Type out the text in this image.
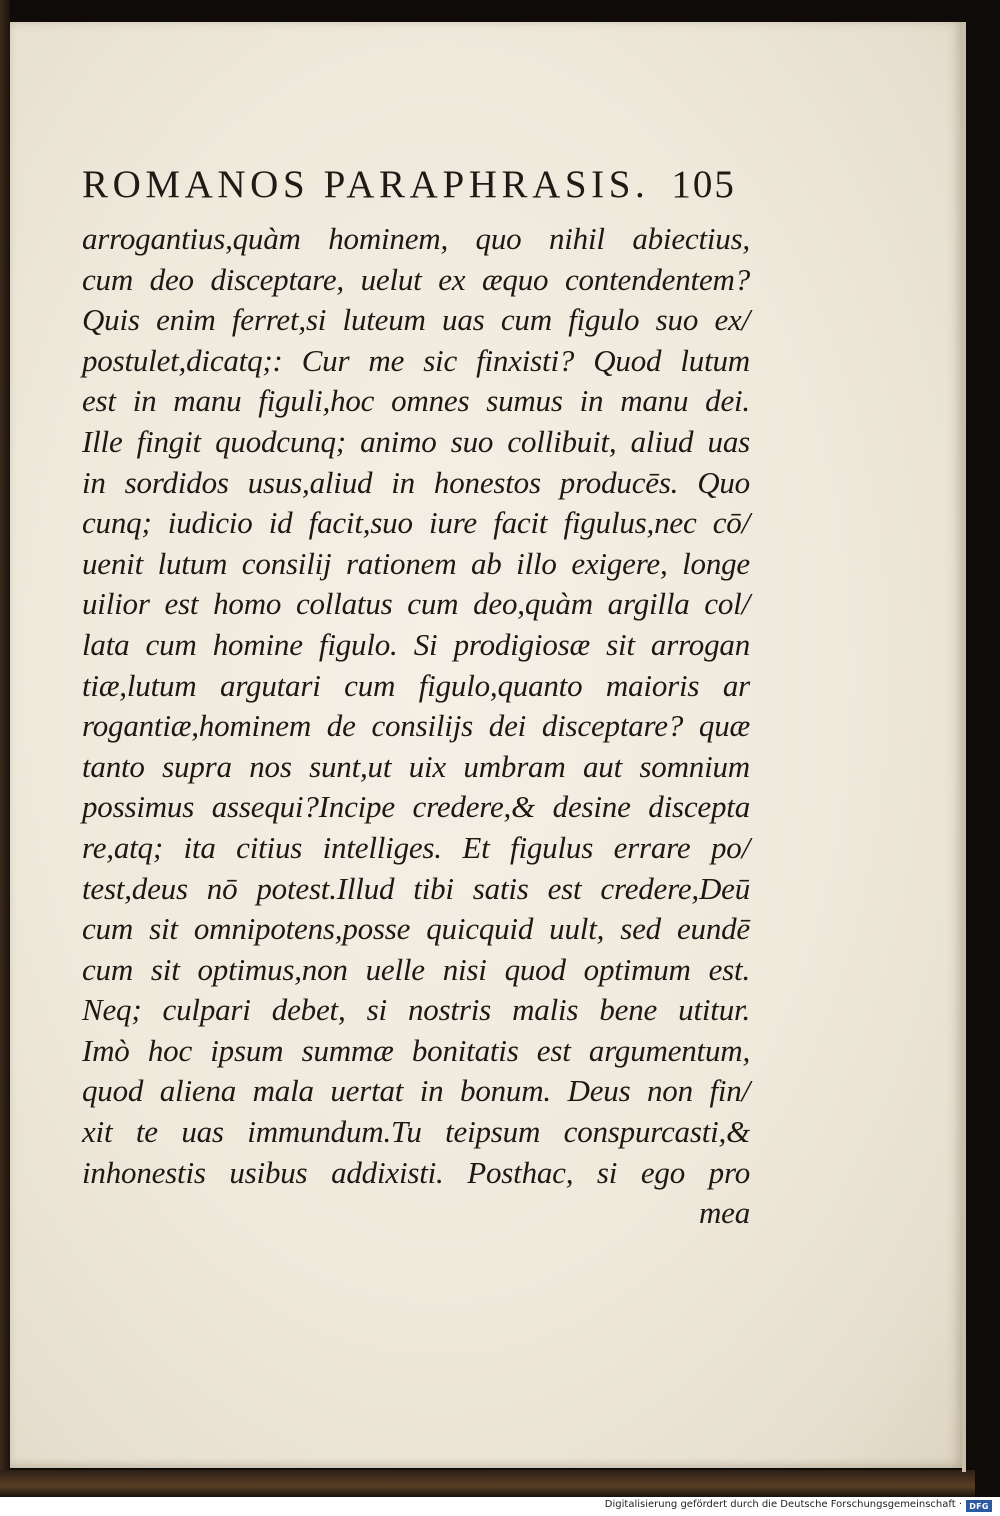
ROMANOS PARAPHRASIS. 105
arrogantius,quàm hominem, quo nihil abiectius,
cum deo disceptare, uelut ex æquo contendentem?
Quis enim ferret,si luteum uas cum figulo suo ex/
postulet,dicatq;: Cur me sic finxisti? Quod lutum
est in manu figuli,hoc omnes sumus in manu dei.
Ille fingit quodcunq; animo suo collibuit, aliud uas
in sordidos usus,aliud in honestos producēs. Quo
cunq; iudicio id facit,suo iure facit figulus,nec cō/
uenit lutum consilij rationem ab illo exigere, longe
uilior est homo collatus cum deo,quàm argilla col/
lata cum homine figulo. Si prodigiosæ sit arrogan
tiæ,lutum argutari cum figulo,quanto maioris ar
rogantiæ,hominem de consilijs dei disceptare? quæ
tanto supra nos sunt,ut uix umbram aut somnium
possimus assequi?Incipe credere,& desine discepta
re,atq; ita citius intelliges. Et figulus errare po/
test,deus nō potest.Illud tibi satis est credere,Deū
cum sit omnipotens,posse quicquid uult, sed eundē
cum sit optimus,non uelle nisi quod optimum est.
Neq; culpari debet, si nostris malis bene utitur.
Imò hoc ipsum summæ bonitatis est argumentum,
quod aliena mala uertat in bonum. Deus non fin/
xit te uas immundum.Tu teipsum conspurcasti,&
inhonestis usibus addixisti. Posthac, si ego pro
mea
Digitalisierung gefördert durch die Deutsche Forschungsgemeinschaft · DFG
